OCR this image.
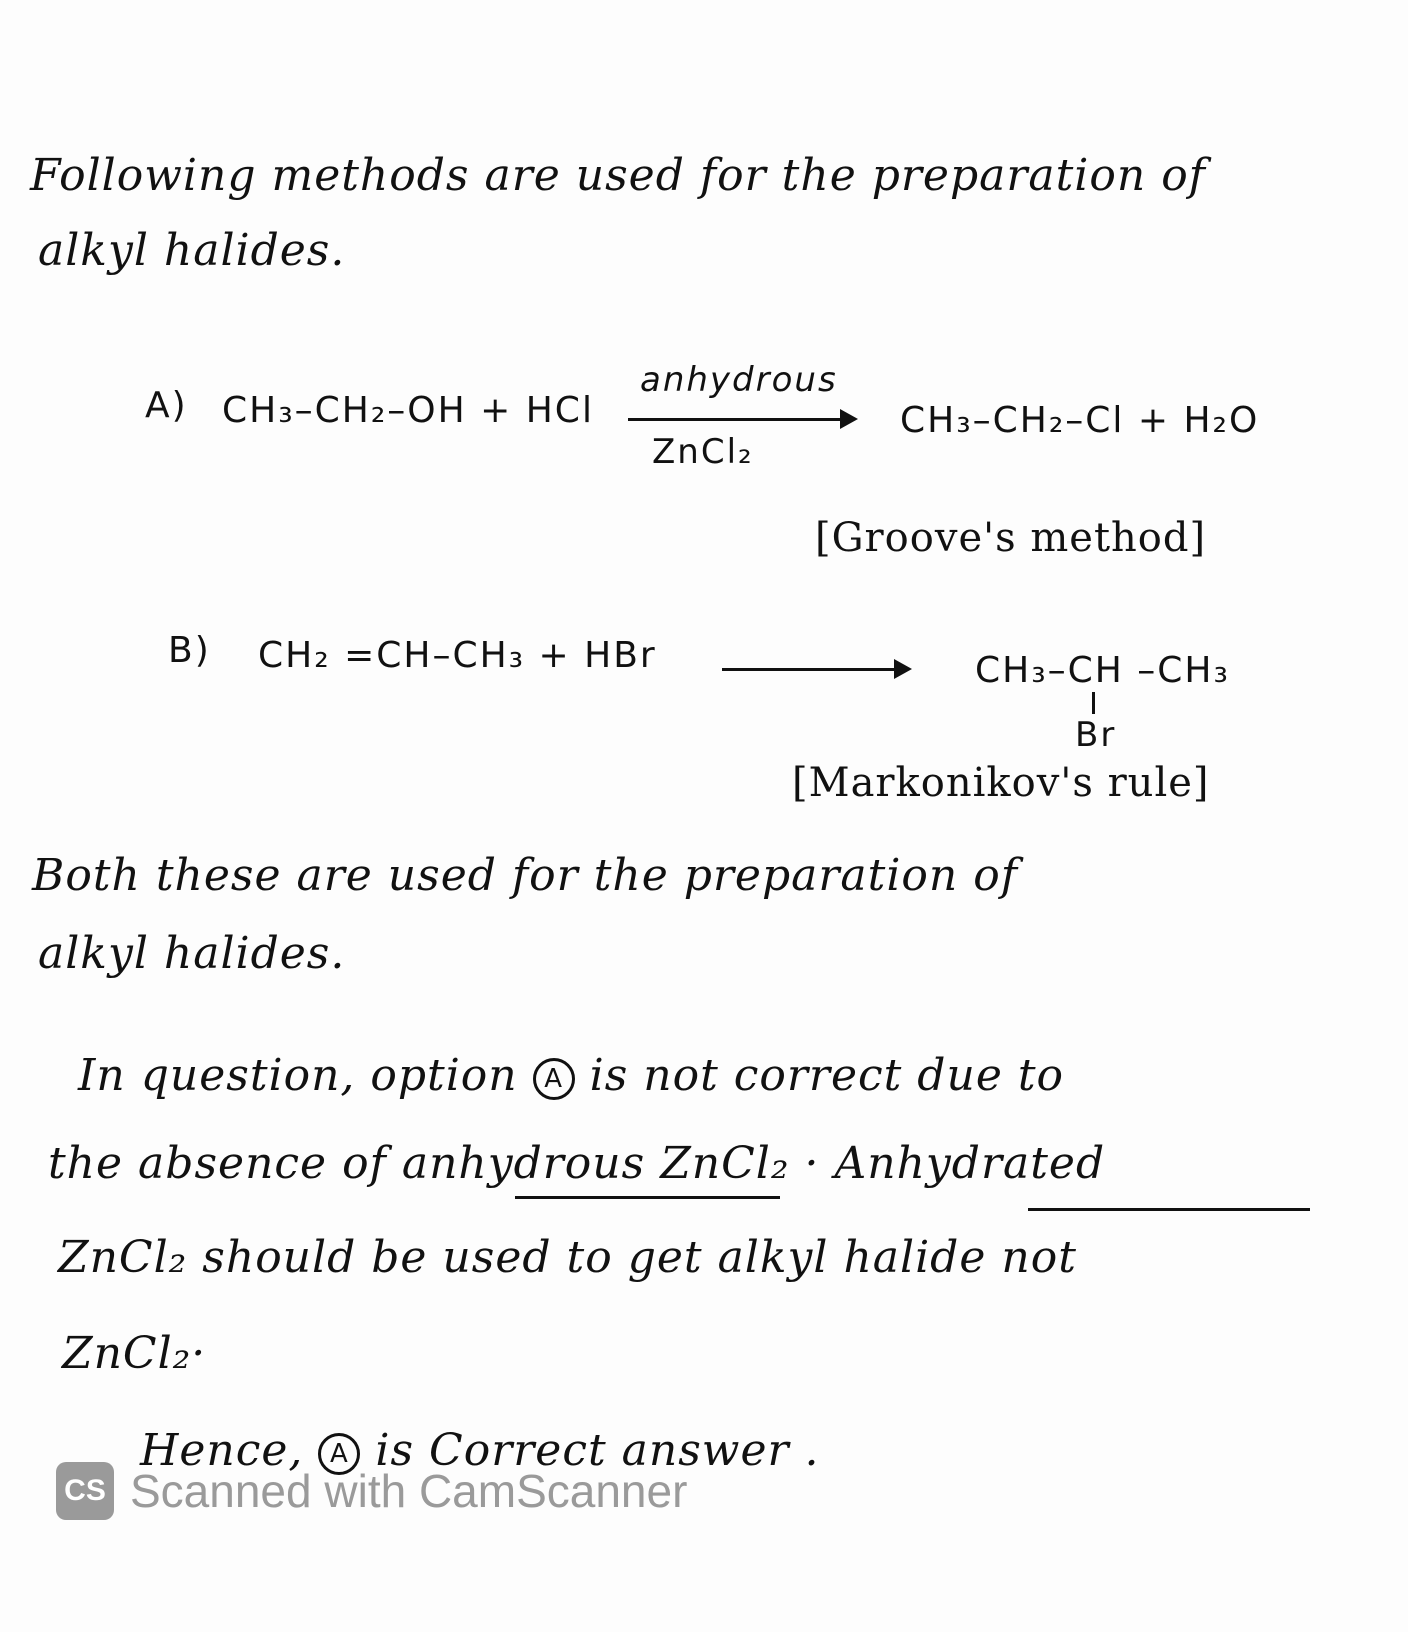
Following methods are used for the preparation of
alkyl halides.
A) CH₃–CH₂–OH + HCl
anhydrous
ZnCl₂
CH₃–CH₂–Cl + H₂O
[Groove's method]
B) CH₂ =CH–CH₃ + HBr	CH₃–CH –CH₃
Br
[Markonikov's rule]
Both these are used for the preparation of
alkyl halides.
In question, option A is not correct due to
the absence of anhydrous ZnCl₂ · Anhydrated
ZnCl₂ should be used to get alkyl halide not
ZnCl₂·
Hence, A is Correct answer .
CS Scanned with CamScanner
